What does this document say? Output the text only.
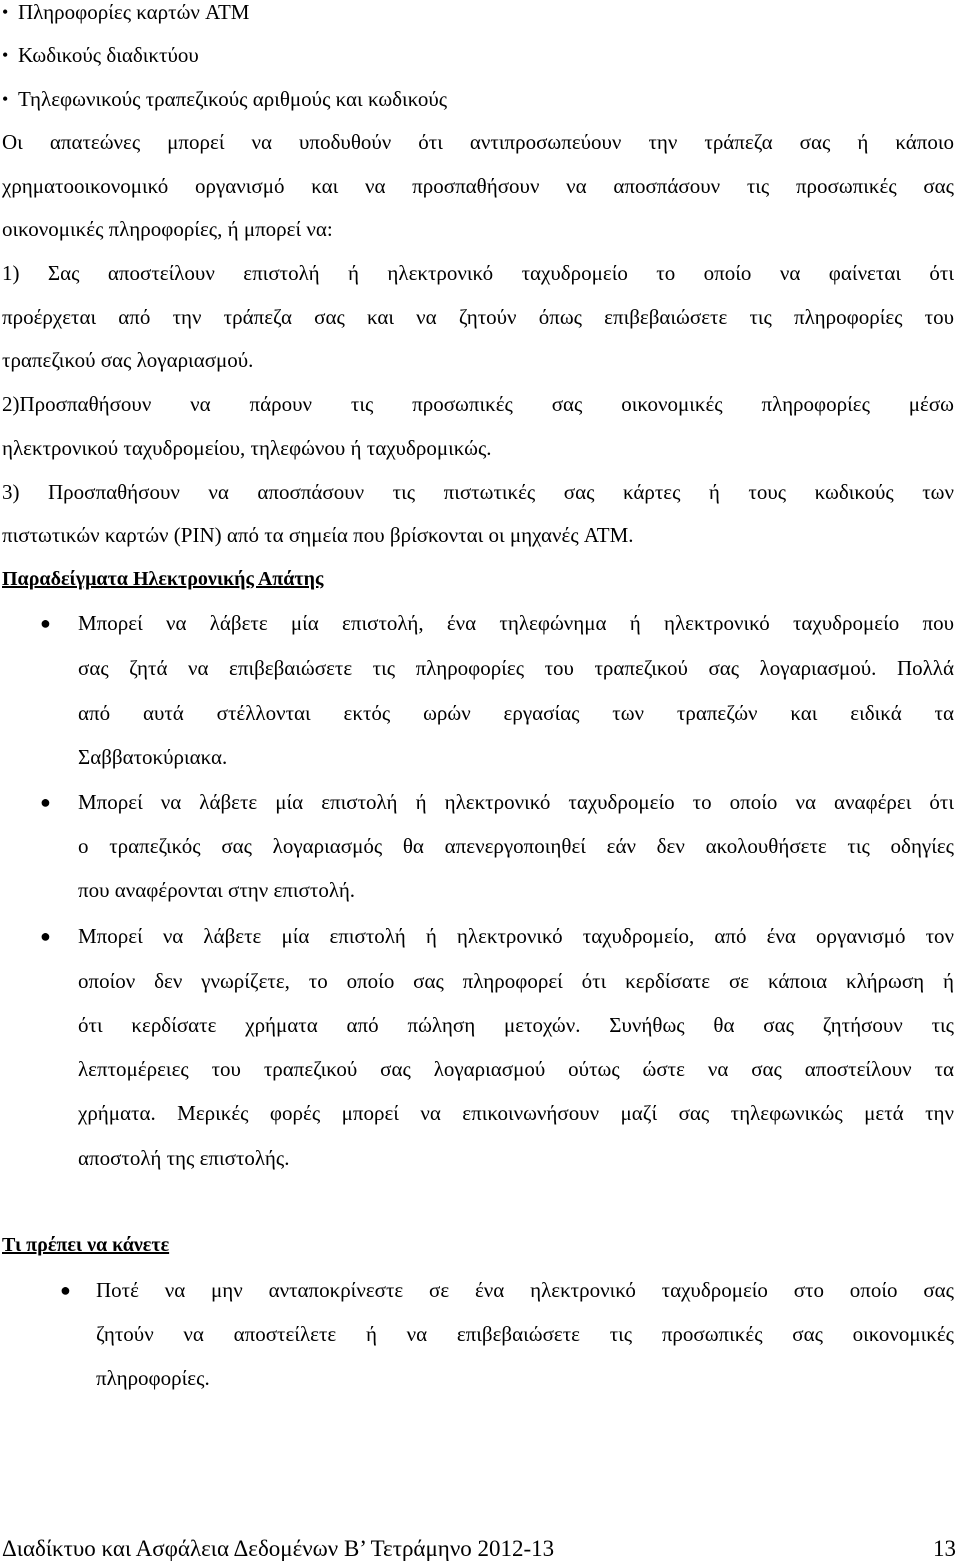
• Πληροφορίες καρτών ATM
• Κωδικούς διαδικτύου
• Τηλεφωνικούς τραπεζικούς αριθμούς και κωδικούς
Οι απατεώνες μπορεί να υποδυθούν ότι αντιπροσωπεύουν την τράπεζα σας ή κάποιο
χρηματοοικονομικό οργανισμό και να προσπαθήσουν να αποσπάσουν τις προσωπικές σας
οικονομικές πληροφορίες, ή μπορεί να:
1) Σας αποστείλουν επιστολή ή ηλεκτρονικό ταχυδρομείο το οποίο να φαίνεται ότι
προέρχεται από την τράπεζα σας και να ζητούν όπως επιβεβαιώσετε τις πληροφορίες του
τραπεζικού σας λογαριασμού.
2)Προσπαθήσουν να πάρουν τις προσωπικές σας οικονομικές πληροφορίες μέσω
ηλεκτρονικού ταχυδρομείου, τηλεφώνου ή ταχυδρομικώς.
3) Προσπαθήσουν να αποσπάσουν τις πιστωτικές σας κάρτες ή τους κωδικούς των
πιστωτικών καρτών (PIN) από τα σημεία που βρίσκονται οι μηχανές ATM.
Παραδείγματα Ηλεκτρονικής Απάτης
● Μπορεί να λάβετε μία επιστολή, ένα τηλεφώνημα ή ηλεκτρονικό ταχυδρομείο που
σας ζητά να επιβεβαιώσετε τις πληροφορίες του τραπεζικού σας λογαριασμού. Πολλά
από αυτά στέλλονται εκτός ωρών εργασίας των τραπεζών και ειδικά τα
Σαββατοκύριακα.
● Μπορεί να λάβετε μία επιστολή ή ηλεκτρονικό ταχυδρομείο το οποίο να αναφέρει ότι
ο τραπεζικός σας λογαριασμός θα απενεργοποιηθεί εάν δεν ακολουθήσετε τις οδηγίες
που αναφέρονται στην επιστολή.
● Μπορεί να λάβετε μία επιστολή ή ηλεκτρονικό ταχυδρομείο, από ένα οργανισμό τον
οποίον δεν γνωρίζετε, το οποίο σας πληροφορεί ότι κερδίσατε σε κάποια κλήρωση ή
ότι κερδίσατε χρήματα από πώληση μετοχών. Συνήθως θα σας ζητήσουν τις
λεπτομέρειες του τραπεζικού σας λογαριασμού ούτως ώστε να σας αποστείλουν τα
χρήματα. Μερικές φορές μπορεί να επικοινωνήσουν μαζί σας τηλεφωνικώς μετά την
αποστολή της επιστολής.
Τι πρέπει να κάνετε
● Ποτέ να μην ανταποκρίνεστε σε ένα ηλεκτρονικό ταχυδρομείο στο οποίο σας
ζητούν να αποστείλετε ή να επιβεβαιώσετε τις προσωπικές σας οικονομικές
πληροφορίες.
Διαδίκτυο και Ασφάλεια Δεδομένων Β’ Τετράμηνο 2012-13	13
